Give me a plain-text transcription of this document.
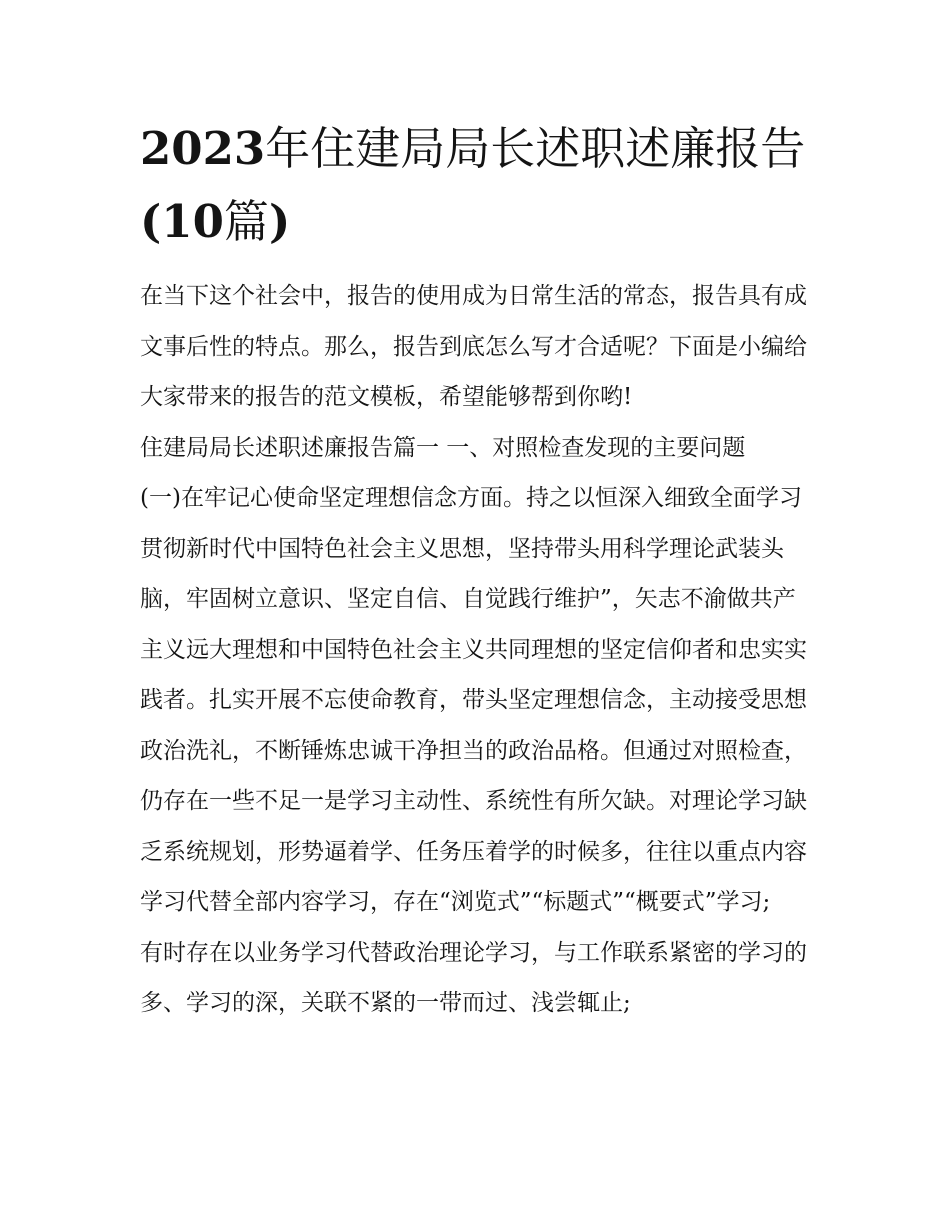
2023年住建局局长述职述廉报告(10篇)

在当下这个社会中，报告的使用成为日常生活的常态，报告具有成文事后性的特点。那么，报告到底怎么写才合适呢？下面是小编给大家带来的报告的范文模板，希望能够帮到你哟!

住建局局长述职述廉报告篇一 一、对照检查发现的主要问题

(一)在牢记心使命坚定理想信念方面。持之以恒深入细致全面学习贯彻新时代中国特色社会主义思想，坚持带头用科学理论武装头脑，牢固树立意识、坚定自信、自觉践行维护”，矢志不渝做共产主义远大理想和中国特色社会主义共同理想的坚定信仰者和忠实实践者。扎实开展不忘使命教育，带头坚定理想信念，主动接受思想政治洗礼，不断锤炼忠诚干净担当的政治品格。但通过对照检查，仍存在一些不足一是学习主动性、系统性有所欠缺。对理论学习缺乏系统规划，形势逼着学、任务压着学的时候多，往往以重点内容学习代替全部内容学习，存在“浏览式”“标题式”“概要式”学习;

有时存在以业务学习代替政治理论学习，与工作联系紧密的学习的多、学习的深，关联不紧的一带而过、浅尝辄止;
